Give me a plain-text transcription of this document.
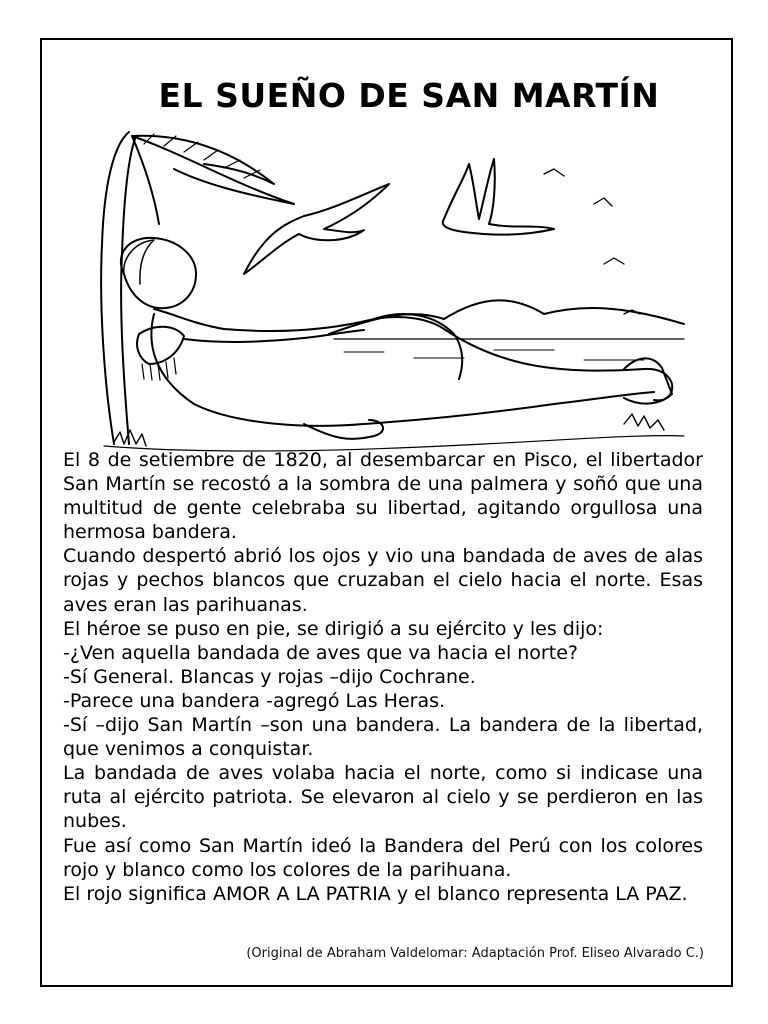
EL SUEÑO DE SAN MARTÍN

El 8 de setiembre de 1820, al desembarcar en Pisco, el libertador San Martín se recostó a la sombra de una palmera y soñó que una multitud de gente celebraba su libertad, agitando orgullosa una hermosa bandera.

Cuando despertó abrió los ojos y vio una bandada de aves de alas rojas y pechos blancos que cruzaban el cielo hacia el norte. Esas aves eran las parihuanas.

El héroe se puso en pie, se dirigió a su ejército y les dijo:

-¿Ven aquella bandada de aves que va hacia el norte?

-Sí General. Blancas y rojas –dijo Cochrane.

-Parece una bandera -agregó Las Heras.

-Sí –dijo San Martín –son una bandera. La bandera de la libertad, que venimos a conquistar.

La bandada de aves volaba hacia el norte, como si indicase una ruta al ejército patriota. Se elevaron al cielo y se perdieron en las nubes.

Fue así como San Martín ideó la Bandera del Perú con los colores rojo y blanco como los colores de la parihuana.

El rojo significa AMOR A LA PATRIA y el blanco representa LA PAZ.

(Original de Abraham Valdelomar: Adaptación Prof. Eliseo Alvarado C.)
